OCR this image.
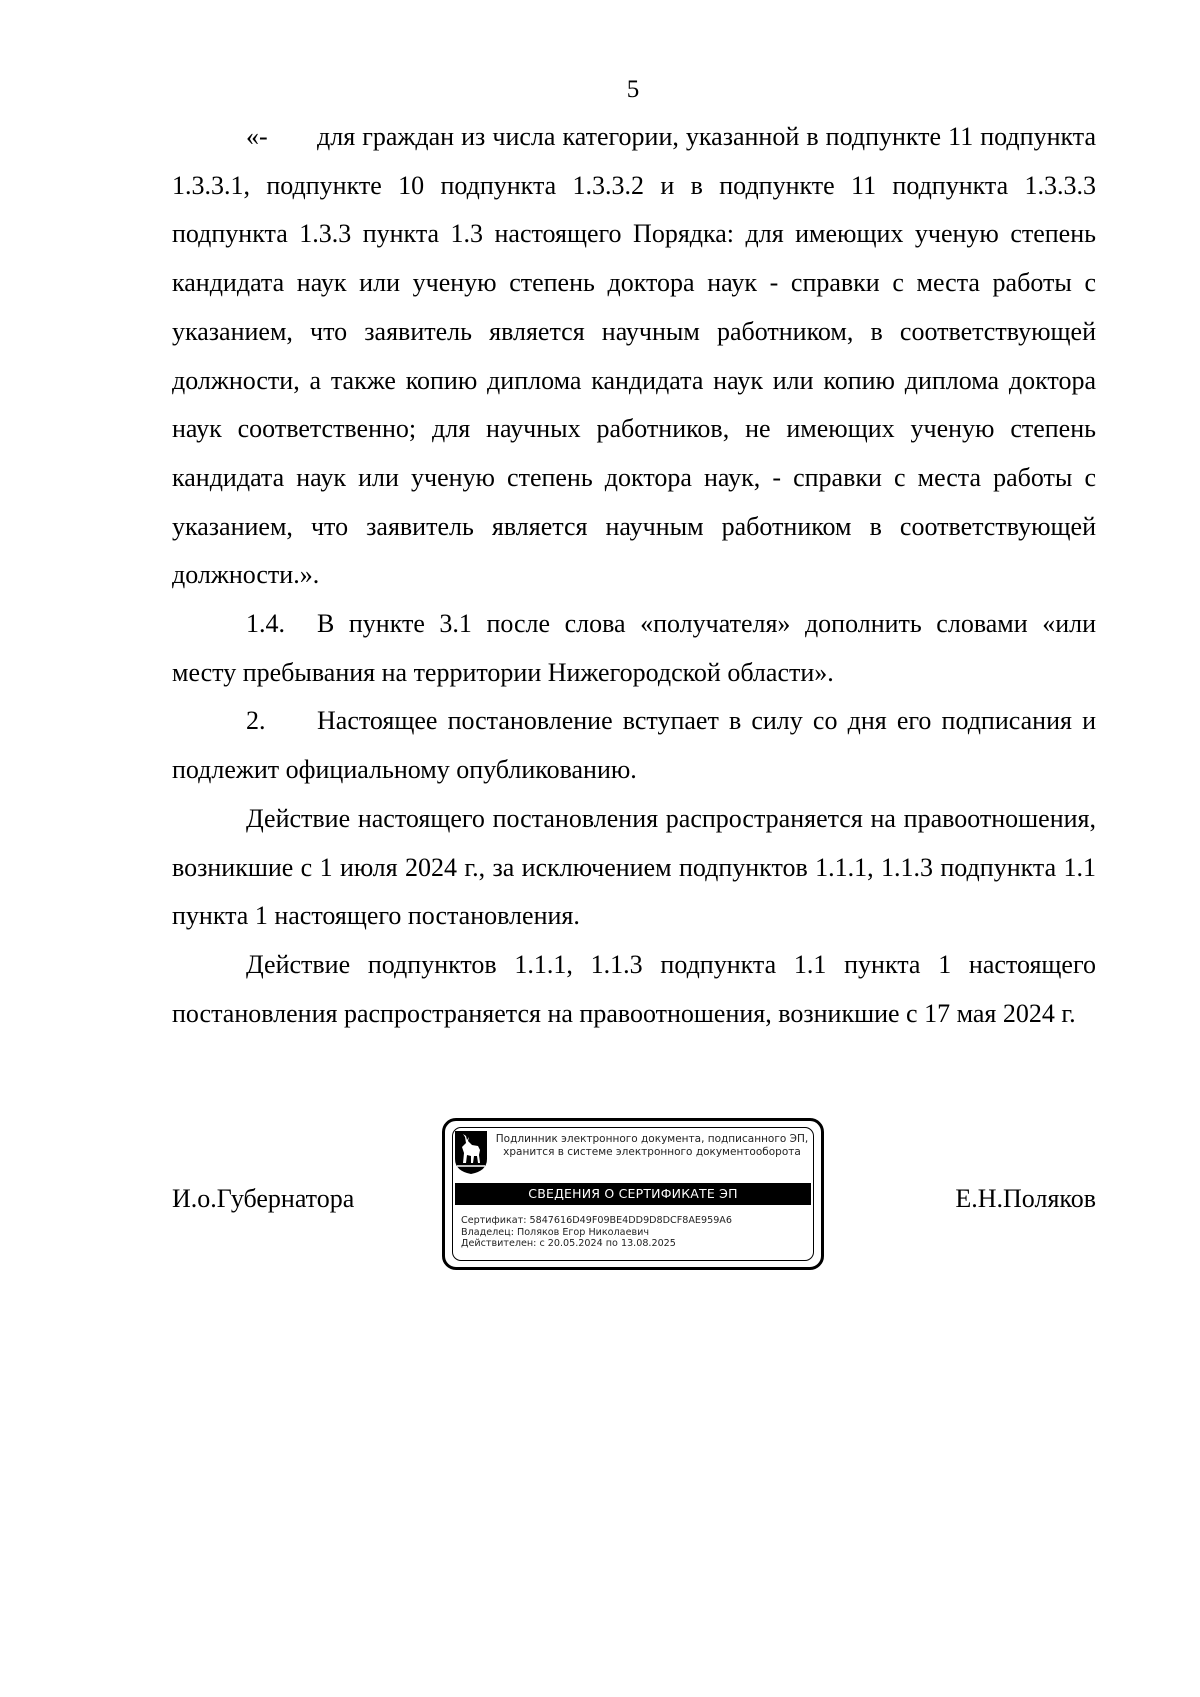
5

«- для граждан из числа категории, указанной в подпункте 11 подпункта 1.3.3.1, подпункте 10 подпункта 1.3.3.2 и в подпункте 11 подпункта 1.3.3.3 подпункта 1.3.3 пункта 1.3 настоящего Порядка: для имеющих ученую степень кандидата наук или ученую степень доктора наук - справки с места работы с указанием, что заявитель является научным работником, в соответствующей должности, а также копию диплома кандидата наук или копию диплома доктора наук соответственно; для научных работников, не имеющих ученую степень кандидата наук или ученую степень доктора наук, - справки с места работы с указанием, что заявитель является научным работником в соответствующей должности.».

1.4. В пункте 3.1 после слова «получателя» дополнить словами «или месту пребывания на территории Нижегородской области».

2. Настоящее постановление вступает в силу со дня его подписания и подлежит официальному опубликованию.

Действие настоящего постановления распространяется на правоотношения, возникшие с 1 июля 2024 г., за исключением подпунктов 1.1.1, 1.1.3 подпункта 1.1 пункта 1 настоящего постановления.

Действие подпунктов 1.1.1, 1.1.3 подпункта 1.1 пункта 1 настоящего постановления распространяется на правоотношения, возникшие с 17 мая 2024 г.

И.о.Губернатора
Подлинник электронного документа, подписанного ЭП,
хранится в системе электронного документооборота
СВЕДЕНИЯ О СЕРТИФИКАТЕ ЭП
Сертификат: 5847616D49F09BE4DD9D8DCF8AE959A6
Владелец: Поляков Егор Николаевич
Действителен: с 20.05.2024 по 13.08.2025
Е.Н.Поляков
